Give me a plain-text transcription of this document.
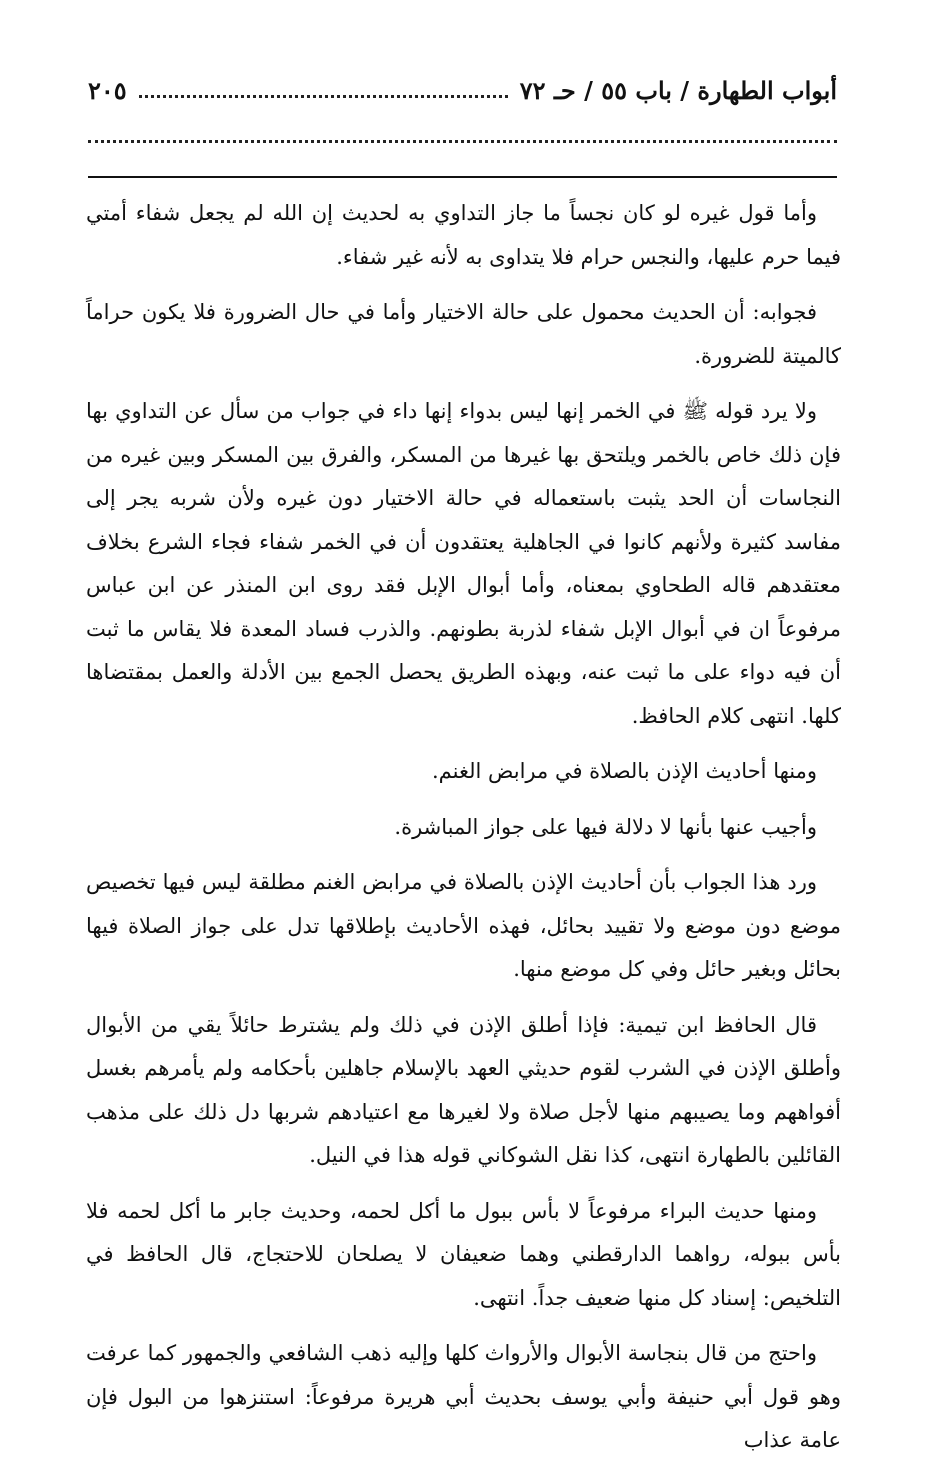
أبواب الطهارة / باب ٥٥ / حـ ٧٢
٢٠٥

وأما قول غيره لو كان نجساً ما جاز التداوي به لحديث إن الله لم يجعل شفاء أمتي فيما حرم عليها، والنجس حرام فلا يتداوى به لأنه غير شفاء.

فجوابه: أن الحديث محمول على حالة الاختيار وأما في حال الضرورة فلا يكون حراماً كالميتة للضرورة.

ولا يرد قوله ﷺ في الخمر إنها ليس بدواء إنها داء في جواب من سأل عن التداوي بها فإن ذلك خاص بالخمر ويلتحق بها غيرها من المسكر، والفرق بين المسكر وبين غيره من النجاسات أن الحد يثبت باستعماله في حالة الاختيار دون غيره ولأن شربه يجر إلى مفاسد كثيرة ولأنهم كانوا في الجاهلية يعتقدون أن في الخمر شفاء فجاء الشرع بخلاف معتقدهم قاله الطحاوي بمعناه، وأما أبوال الإبل فقد روى ابن المنذر عن ابن عباس مرفوعاً ان في أبوال الإبل شفاء لذربة بطونهم. والذرب فساد المعدة فلا يقاس ما ثبت أن فيه دواء على ما ثبت عنه، وبهذه الطريق يحصل الجمع بين الأدلة والعمل بمقتضاها كلها. انتهى كلام الحافظ.

ومنها أحاديث الإذن بالصلاة في مرابض الغنم.

وأجيب عنها بأنها لا دلالة فيها على جواز المباشرة.

ورد هذا الجواب بأن أحاديث الإذن بالصلاة في مرابض الغنم مطلقة ليس فيها تخصيص موضع دون موضع ولا تقييد بحائل، فهذه الأحاديث بإطلاقها تدل على جواز الصلاة فيها بحائل وبغير حائل وفي كل موضع منها.

قال الحافظ ابن تيمية: فإذا أطلق الإذن في ذلك ولم يشترط حائلاً يقي من الأبوال وأطلق الإذن في الشرب لقوم حديثي العهد بالإسلام جاهلين بأحكامه ولم يأمرهم بغسل أفواههم وما يصيبهم منها لأجل صلاة ولا لغيرها مع اعتيادهم شربها دل ذلك على مذهب القائلين بالطهارة انتهى، كذا نقل الشوكاني قوله هذا في النيل.

ومنها حديث البراء مرفوعاً لا بأس ببول ما أكل لحمه، وحديث جابر ما أكل لحمه فلا بأس ببوله، رواهما الدارقطني وهما ضعيفان لا يصلحان للاحتجاج، قال الحافظ في التلخيص: إسناد كل منها ضعيف جداً. انتهى.

واحتج من قال بنجاسة الأبوال والأرواث كلها وإليه ذهب الشافعي والجمهور كما عرفت وهو قول أبي حنيفة وأبي يوسف بحديث أبي هريرة مرفوعاً: استنزهوا من البول فإن عامة عذاب
